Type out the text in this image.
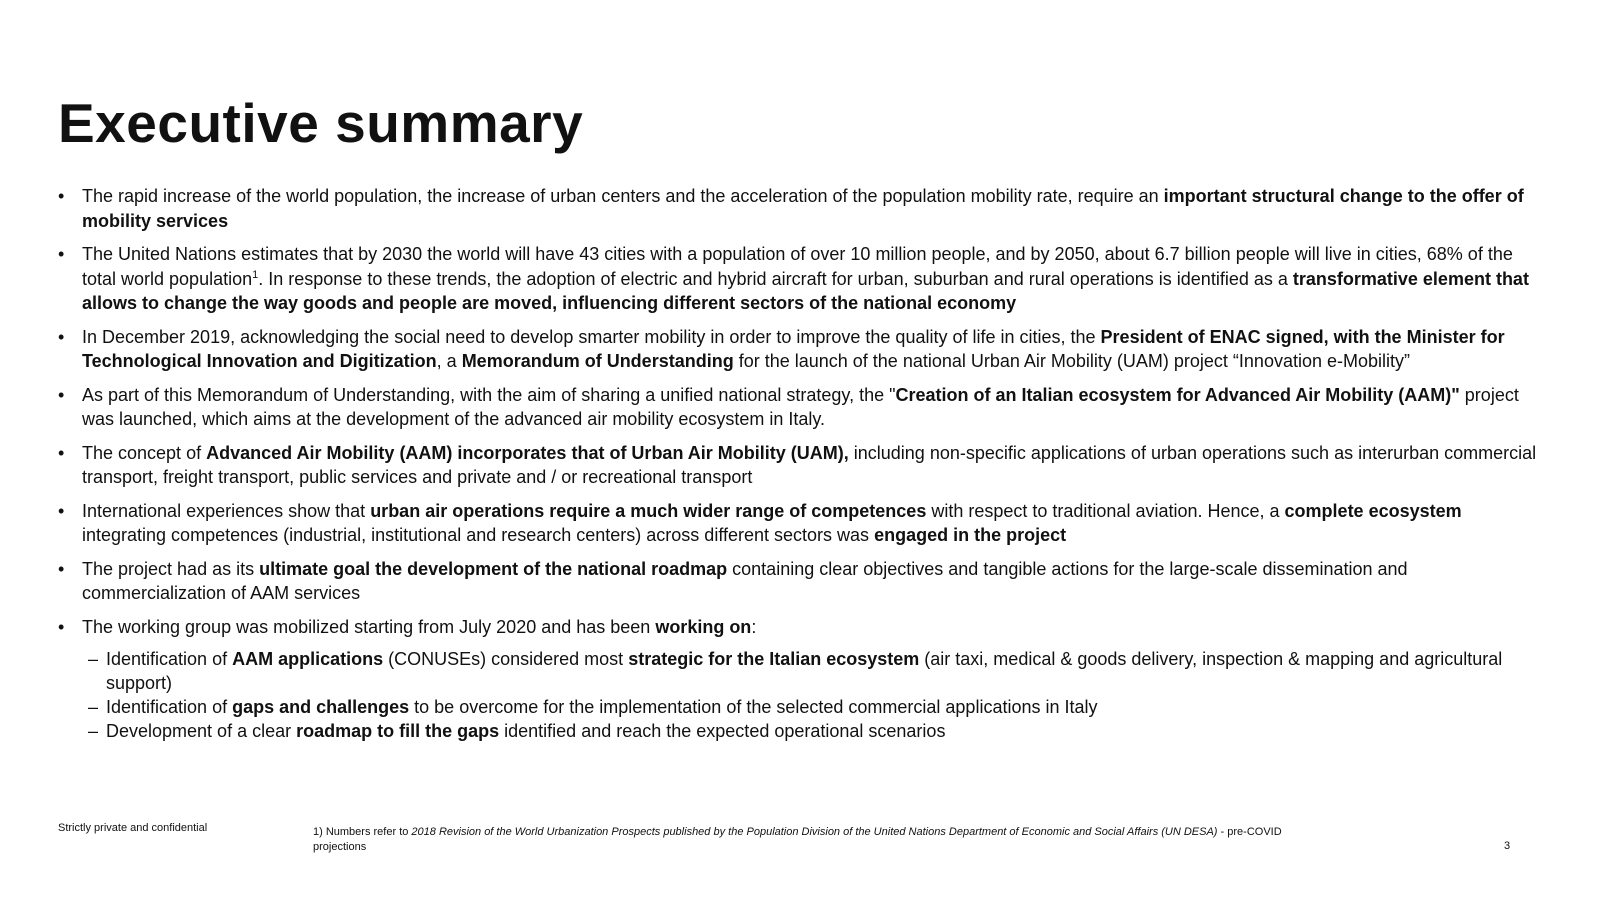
Executive summary
• The rapid increase of the world population, the increase of urban centers and the acceleration of the population mobility rate, require an important structural change to the offer of mobility services
• The United Nations estimates that by 2030 the world will have 43 cities with a population of over 10 million people, and by 2050, about 6.7 billion people will live in cities, 68% of the total world population$^1$. In response to these trends, the adoption of electric and hybrid aircraft for urban, suburban and rural operations is identified as a transformative element that allows to change the way goods and people are moved, influencing different sectors of the national economy
• In December 2019, acknowledging the social need to develop smarter mobility in order to improve the quality of life in cities, the President of ENAC signed, with the Minister for Technological Innovation and Digitization, a Memorandum of Understanding for the launch of the national Urban Air Mobility (UAM) project “Innovation e-Mobility”
• As part of this Memorandum of Understanding, with the aim of sharing a unified national strategy, the "Creation of an Italian ecosystem for Advanced Air Mobility (AAM)" project was launched, which aims at the development of the advanced air mobility ecosystem in Italy.
• The concept of Advanced Air Mobility (AAM) incorporates that of Urban Air Mobility (UAM), including non-specific applications of urban operations such as interurban commercial transport, freight transport, public services and private and / or recreational transport
• International experiences show that urban air operations require a much wider range of competences with respect to traditional aviation. Hence, a complete ecosystem integrating competences (industrial, institutional and research centers) across different sectors was engaged in the project
• The project had as its ultimate goal the development of the national roadmap containing clear objectives and tangible actions for the large-scale dissemination and commercialization of AAM services
• The working group was mobilized starting from July 2020 and has been working on:
– Identification of AAM applications (CONUSEs) considered most strategic for the Italian ecosystem (air taxi, medical & goods delivery, inspection & mapping and agricultural support)
– Identification of gaps and challenges to be overcome for the implementation of the selected commercial applications in Italy
– Development of a clear roadmap to fill the gaps identified and reach the expected operational scenarios
Strictly private and confidential	1) Numbers refer to 2018 Revision of the World Urbanization Prospects published by the Population Division of the United Nations Department of Economic and Social Affairs (UN DESA) - pre-COVID projections	3
